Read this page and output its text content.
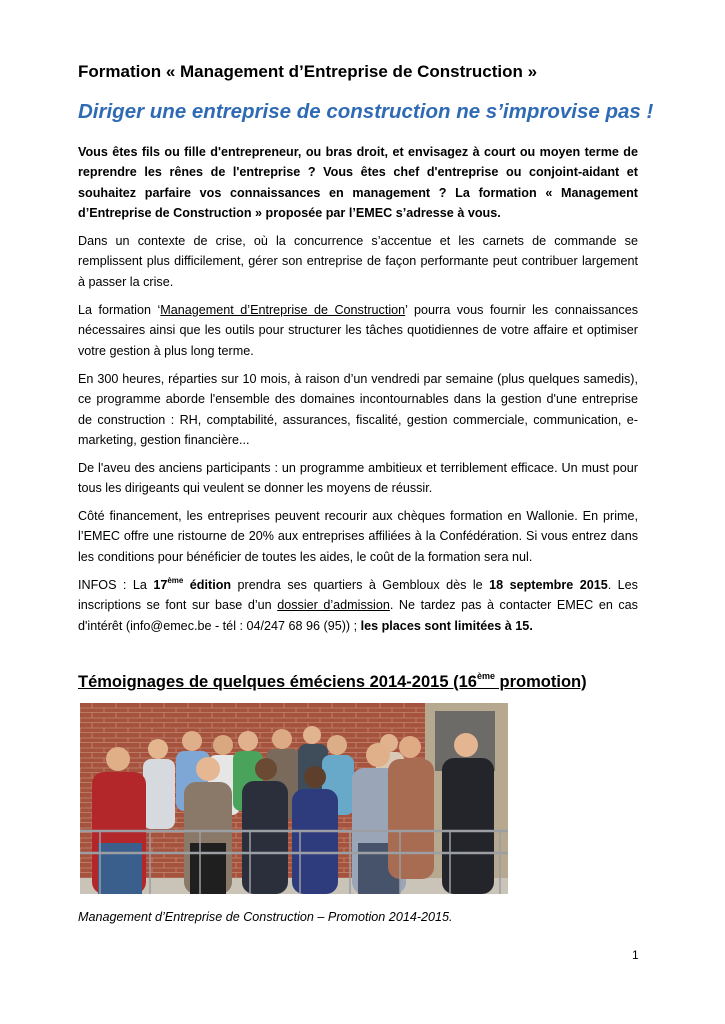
Formation « Management d’Entreprise de Construction »
Diriger une entreprise de construction ne s’improvise pas !

Vous êtes fils ou fille d'entrepreneur, ou bras droit, et envisagez à court ou moyen terme de reprendre les rênes de l'entreprise ? Vous êtes chef d'entreprise ou conjoint-aidant et souhaitez parfaire vos connaissances en management ? La formation « Management d’Entreprise de Construction » proposée par l’EMEC s’adresse à vous.

Dans un contexte de crise, où la concurrence s’accentue et les carnets de commande se remplissent plus difficilement, gérer son entreprise de façon performante peut contribuer largement à passer la crise.

La formation ‘Management d’Entreprise de Construction’ pourra vous fournir les connaissances nécessaires ainsi que les outils pour structurer les tâches quotidiennes de votre affaire et optimiser votre gestion à plus long terme.

En 300 heures, réparties sur 10 mois, à raison d’un vendredi par semaine (plus quelques samedis), ce programme aborde l'ensemble des domaines incontournables dans la gestion d'une entreprise de construction : RH, comptabilité, assurances, fiscalité, gestion commerciale, communication, e-marketing, gestion financière...

De l'aveu des anciens participants : un programme ambitieux et terriblement efficace. Un must pour tous les dirigeants qui veulent se donner les moyens de réussir.

Côté financement, les entreprises peuvent recourir aux chèques formation en Wallonie. En prime, l’EMEC offre une ristourne de 20% aux entreprises affiliées à la Confédération. Si vous entrez dans les conditions pour bénéficier de toutes les aides, le coût de la formation sera nul.

INFOS : La 17ème édition prendra ses quartiers à Gembloux dès le 18 septembre 2015. Les inscriptions se font sur base d’un dossier d’admission. Ne tardez pas à contacter EMEC en cas d'intérêt (info@emec.be - tél : 04/247 68 96 (95)) ; les places sont limitées à 15.

Témoignages de quelques éméciens 2014-2015 (16ème promotion)
Management d’Entreprise de Construction – Promotion 2014-2015.
1
